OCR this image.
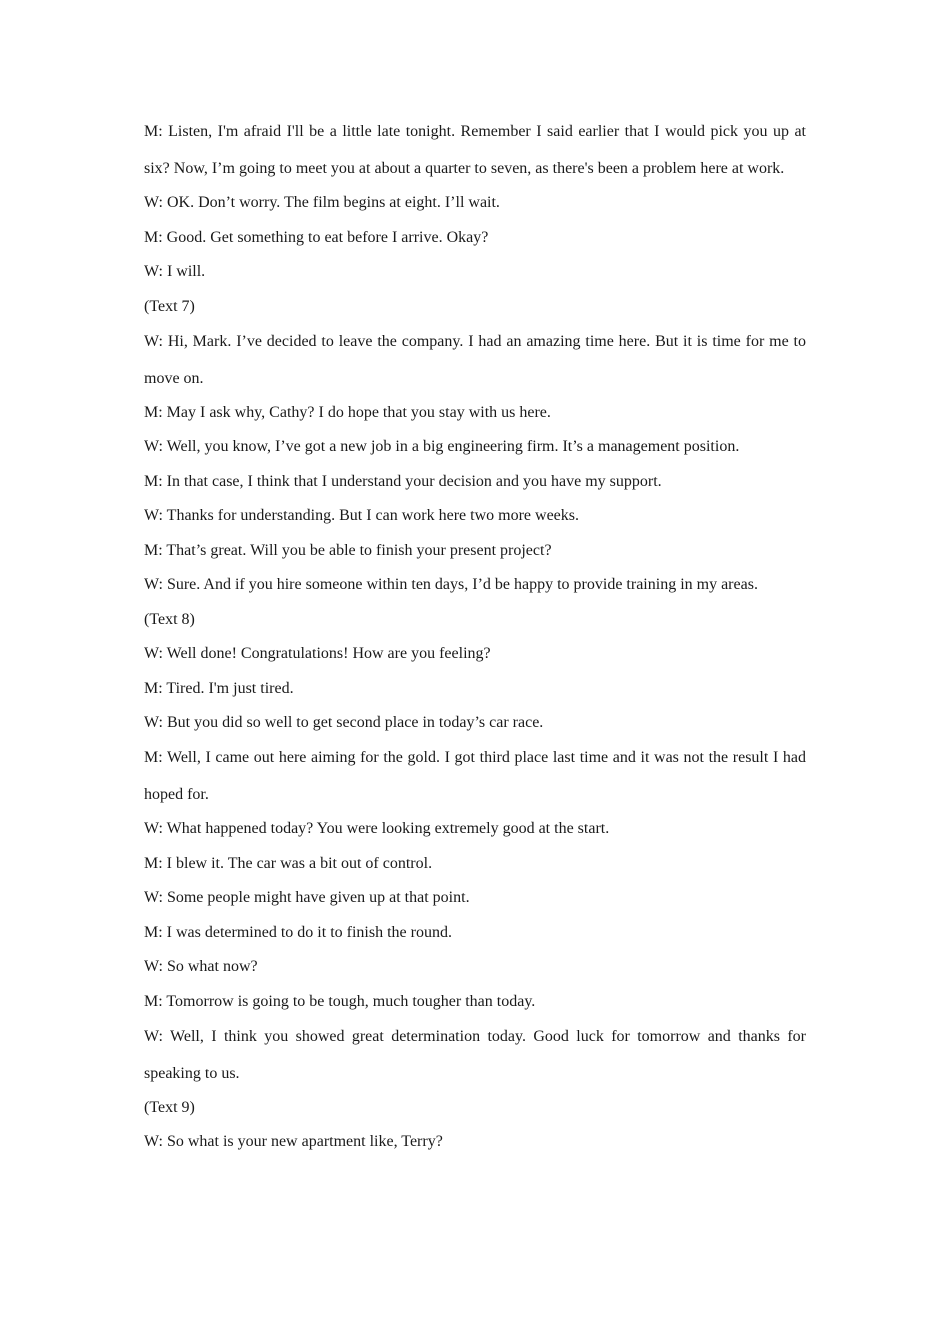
M: Listen, I'm afraid I'll be a little late tonight. Remember I said earlier that I would pick you up at six? Now, I’m going to meet you at about a quarter to seven, as there's been a problem here at work.

W: OK. Don’t worry. The film begins at eight. I’ll wait.

M: Good. Get something to eat before I arrive. Okay?

W: I will.

(Text 7)

W: Hi, Mark. I’ve decided to leave the company. I had an amazing time here. But it is time for me to move on.

M: May I ask why, Cathy? I do hope that you stay with us here.

W: Well, you know, I’ve got a new job in a big engineering firm. It’s a management position.

M: In that case, I think that I understand your decision and you have my support.

W: Thanks for understanding. But I can work here two more weeks.

M: That’s great. Will you be able to finish your present project?

W: Sure. And if you hire someone within ten days, I’d be happy to provide training in my areas.

(Text 8)

W: Well done! Congratulations! How are you feeling?

M: Tired. I'm just tired.

W: But you did so well to get second place in today’s car race.

M: Well, I came out here aiming for the gold. I got third place last time and it was not the result I had hoped for.

W: What happened today? You were looking extremely good at the start.

M: I blew it. The car was a bit out of control.

W: Some people might have given up at that point.

M: I was determined to do it to finish the round.

W: So what now?

M: Tomorrow is going to be tough, much tougher than today.

W: Well, I think you showed great determination today. Good luck for tomorrow and thanks for speaking to us.

(Text 9)

W: So what is your new apartment like, Terry?
